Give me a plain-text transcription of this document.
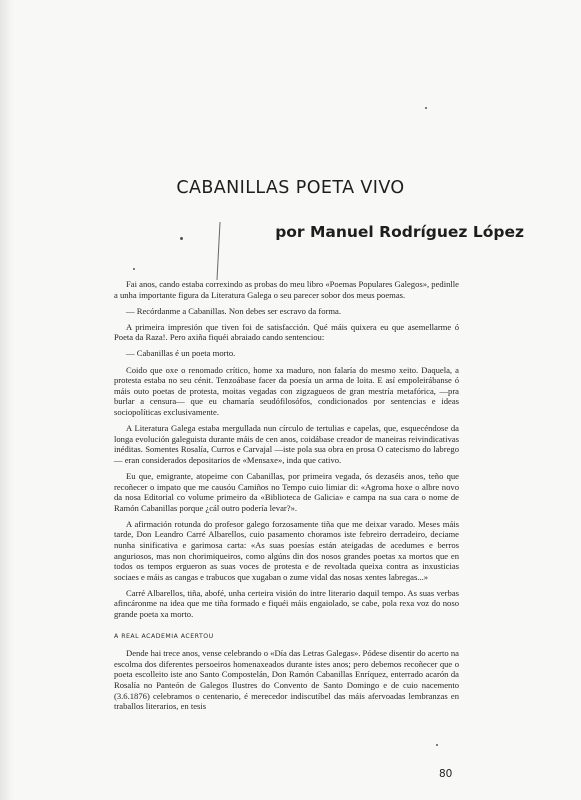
CABANILLAS POETA VIVO
por Manuel Rodríguez López

Fai anos, cando estaba correxindo as probas do meu libro «Poemas Populares Galegos», pedinlle a unha importante figura da Literatura Galega o seu parecer sobor dos meus poemas.

— Recórdanme a Cabanillas. Non debes ser escravo da forma.

A primeira impresión que tiven foi de satisfacción. Qué máis quixera eu que asemellarme ó Poeta da Raza!. Pero axiña fiquéi abraiado cando sentenciou:

— Cabanillas é un poeta morto.

Coido que oxe o renomado crítico, home xa maduro, non falaría do mesmo xeito. Daquela, a protesta estaba no seu cénit. Tenzoábase facer da poesía un arma de loita. E así empoleirábanse ó máis outo poetas de protesta, moitas vegadas con zigzagueos de gran mestría metafórica, —pra burlar a censura— que eu chamaría seudófilosófos, condicionados por sentencias e ideas sociopolíticas exclusivamente.

A Literatura Galega estaba mergullada nun círculo de tertulias e capelas, que, esquecéndose da longa evolución galeguista durante máis de cen anos, coidábase creador de maneiras reivindicativas inéditas. Somentes Rosalía, Curros e Carvajal —iste pola sua obra en prosa O catecismo do labrego— eran considerados depositarios de «Mensaxe», inda que cativo.

Eu que, emigrante, atopeime con Cabanillas, por primeira vegada, ós dezaséis anos, teño que recoñecer o impato que me causóu Camiños no Tempo cuio limiar di: «Agroma hoxe o albre novo da nosa Editorial co volume primeiro da «Biblioteca de Galicia» e campa na sua cara o nome de Ramón Cabanillas porque ¿cál outro podería levar?».

A afirmación rotunda do profesor galego forzosamente tiña que me deixar varado. Meses máis tarde, Don Leandro Carré Albarellos, cuio pasamento choramos iste febreiro derradeiro, deciame nunha sinificativa e garimosa carta: «As suas poesías están ateigadas de acedumes e berros anguriosos, mas non chorimiqueiros, como algúns din dos nosos grandes poetas xa mortos que en todos os tempos ergueron as suas voces de protesta e de revoltada queixa contra as inxusticias sociaes e máis as cangas e trabucos que xugaban o zume vidal das nosas xentes labregas...»

Carré Albarellos, tiña, abofé, unha certeira visión do intre literario daquil tempo. As suas verbas afincáronme na idea que me tiña formado e fiquéi máis engaiolado, se cabe, pola rexa voz do noso grande poeta xa morto.

A REAL ACADEMIA ACERTOU

Dende hai trece anos, vense celebrando o «Día das Letras Galegas». Pódese disentir do acerto na escolma dos diferentes persoeiros homenaxeados durante istes anos; pero debemos recoñecer que o poeta escolleito iste ano Santo Compostelán, Don Ramón Cabanillas Enríquez, enterrado acarón da Rosalía no Panteón de Galegos Ilustres do Convento de Santo Domingo e de cuio nacemento (3.6.1876) celebramos o centenario, é merecedor indiscutíbel das máis afervoadas lembranzas en traballos literarios, en tesis

80
